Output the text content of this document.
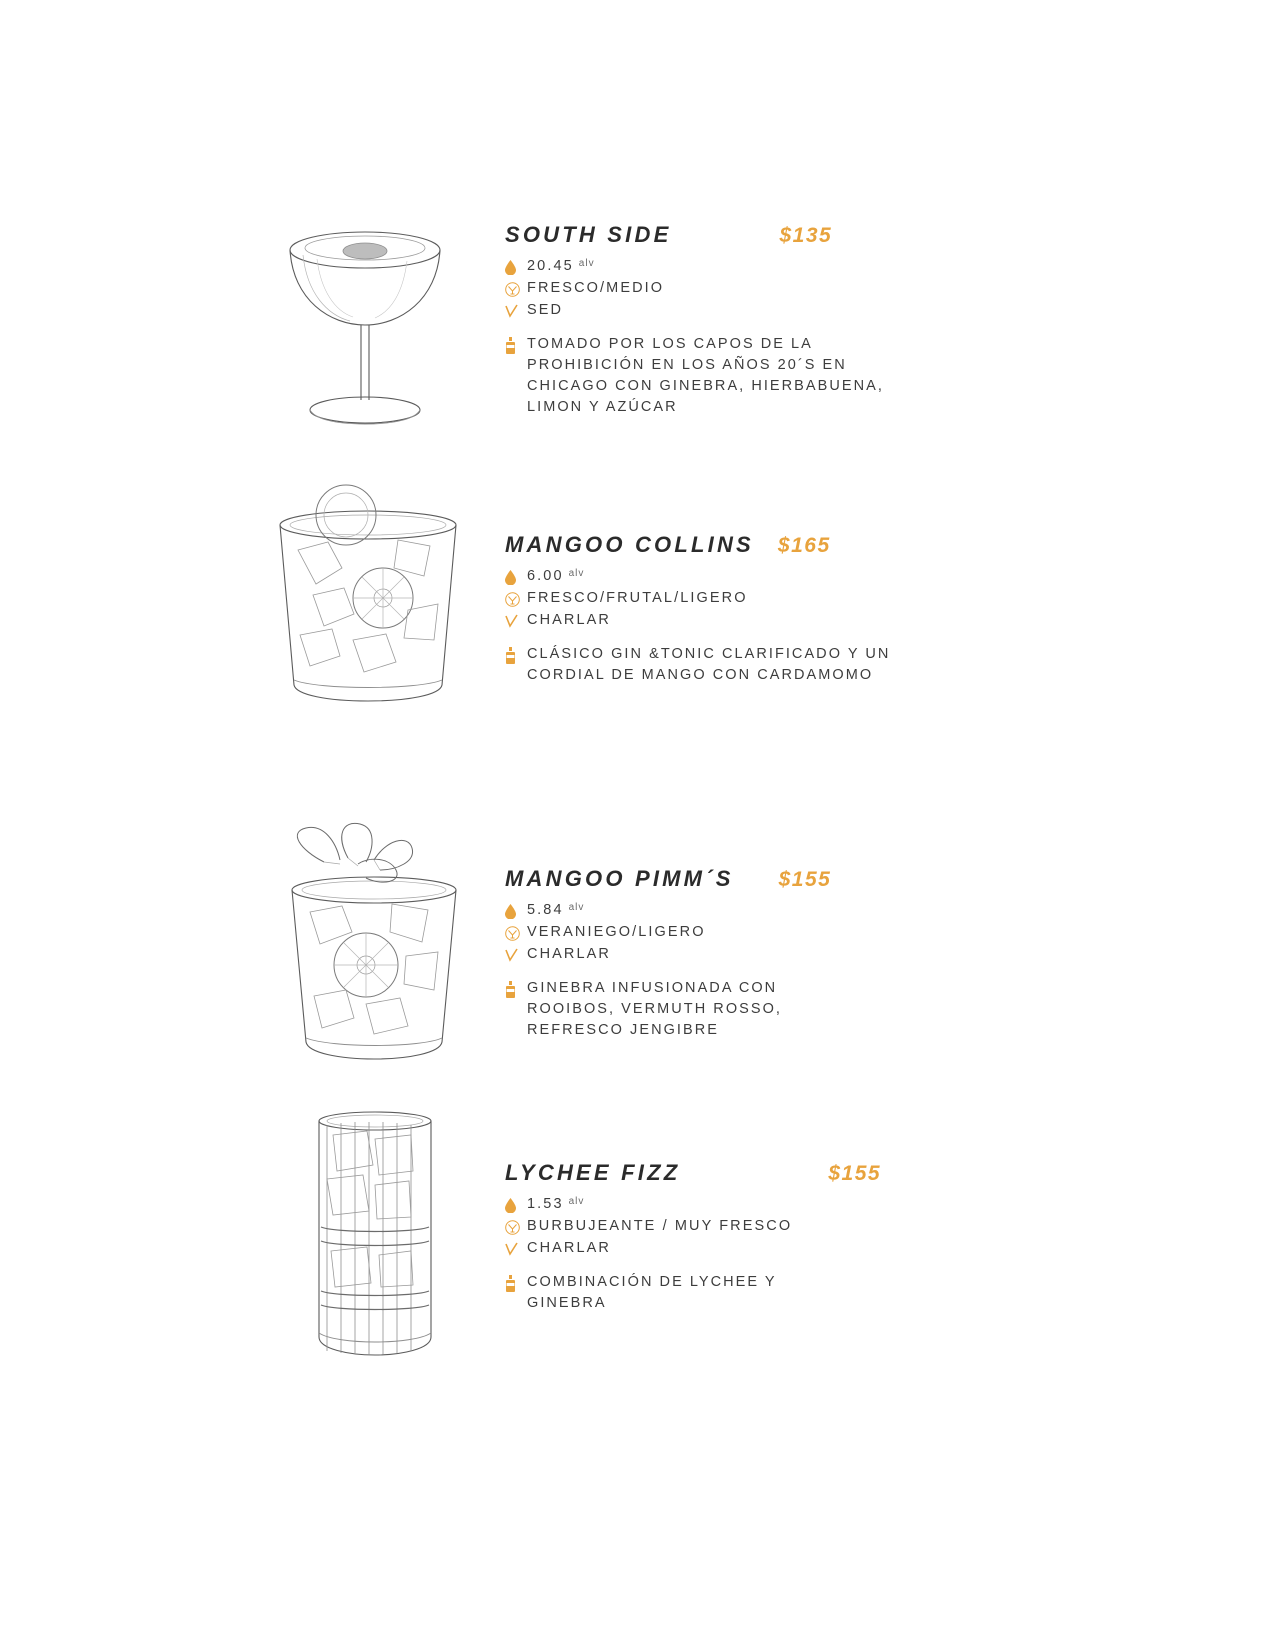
SOUTH SIDE	$135
20.45 alv
FRESCO/MEDIO
SED
TOMADO POR LOS CAPOS DE LA PROHIBICIÓN EN LOS AÑOS 20´S EN CHICAGO CON GINEBRA, HIERBABUENA, LIMON Y AZÚCAR
MANGOO COLLINS $165
6.00 alv
FRESCO/FRUTAL/LIGERO
CHARLAR
CLÁSICO GIN &TONIC CLARIFICADO Y UN CORDIAL DE MANGO CON CARDAMOMO
MANGOO PIMM´S $155
5.84 alv
VERANIEGO/LIGERO
CHARLAR
GINEBRA INFUSIONADA CON ROOIBOS, VERMUTH ROSSO, REFRESCO JENGIBRE
LYCHEE FIZZ	$155
1.53 alv
BURBUJEANTE / MUY FRESCO
CHARLAR
COMBINACIÓN DE LYCHEE Y GINEBRA
